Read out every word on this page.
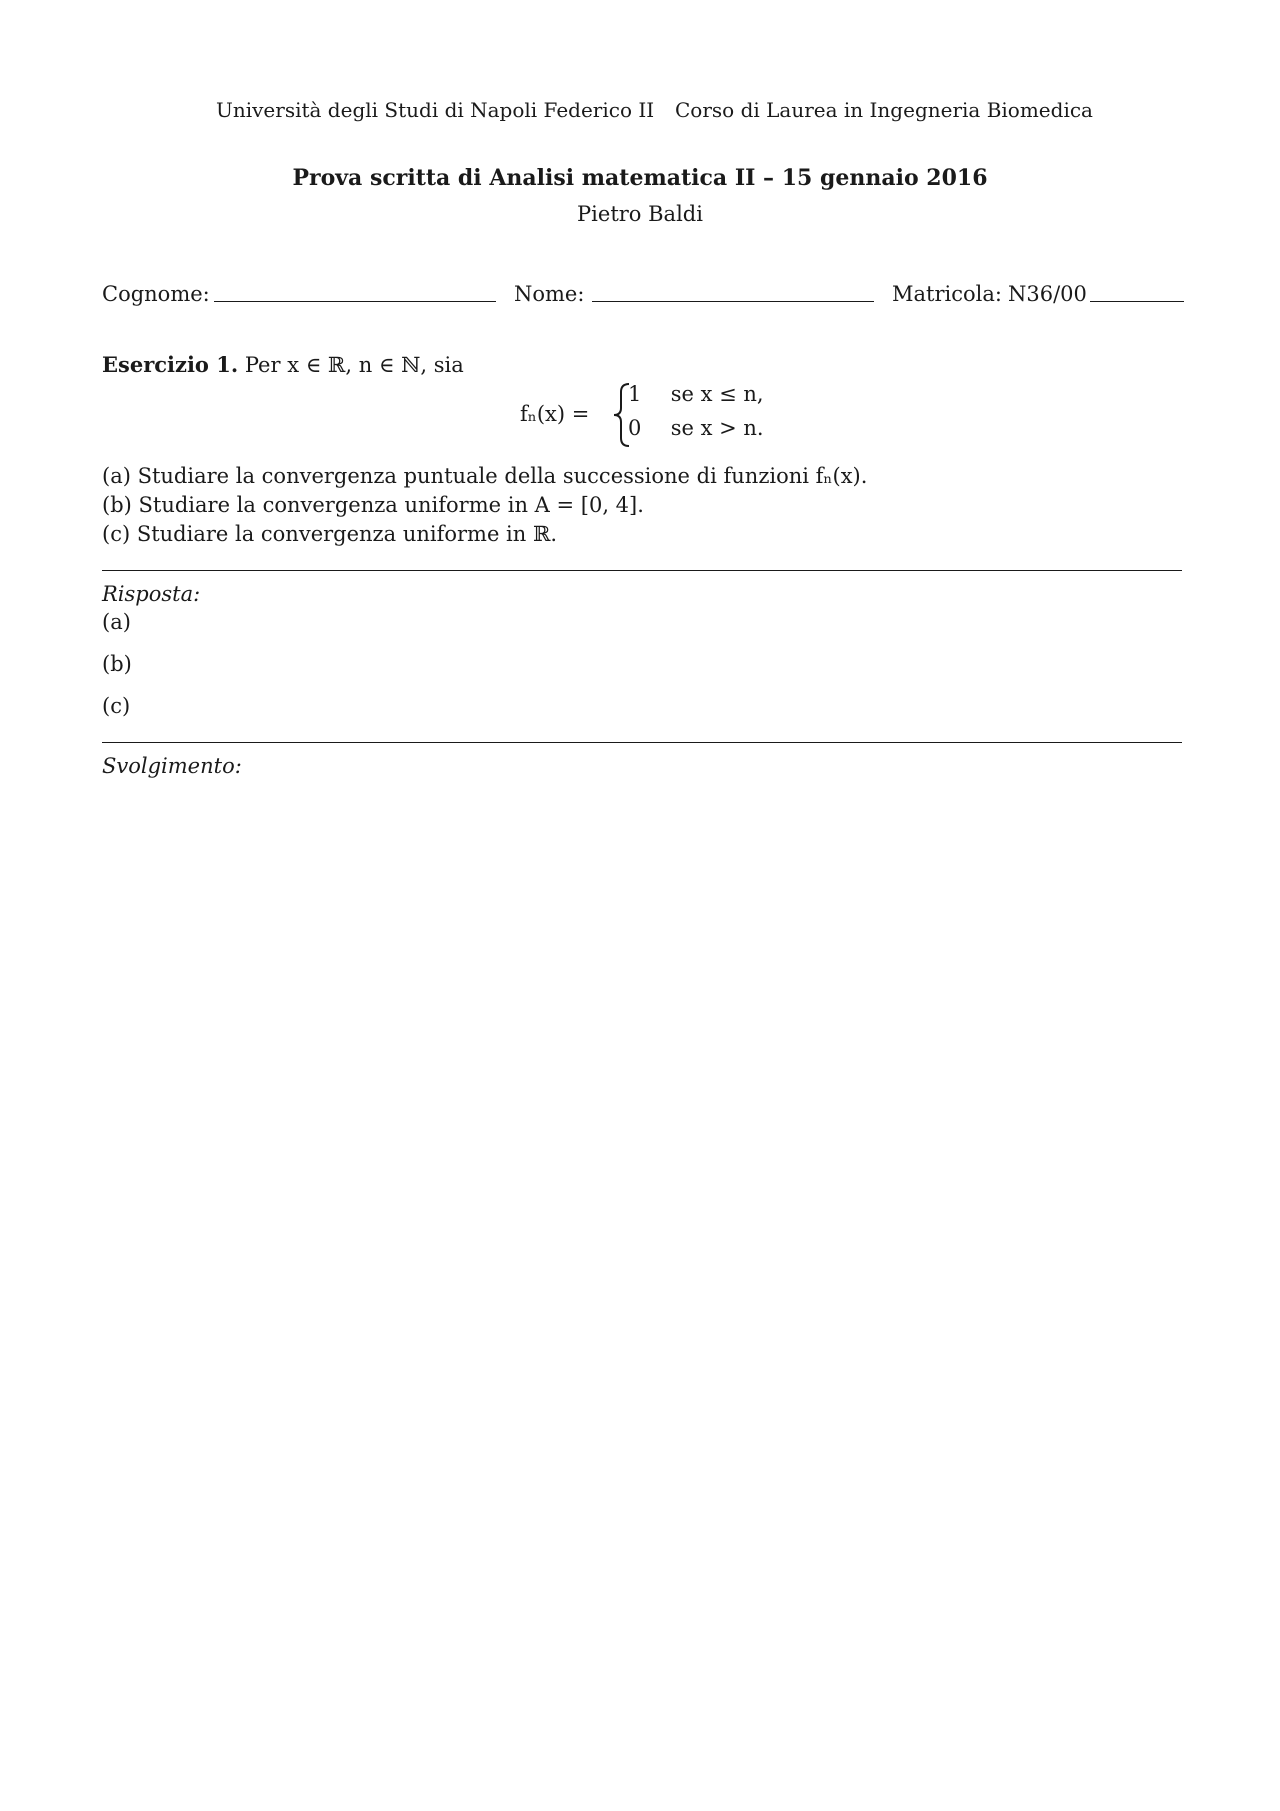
Università degli Studi di Napoli Federico II Corso di Laurea in Ingegneria Biomedica
Prova scritta di Analisi matematica II – 15 gennaio 2016
Pietro Baldi
Cognome:	Nome:	Matricola: N36/00
Esercizio 1. Per x ∈ ℝ, n ∈ ℕ, sia
fₙ(x) =
1 se x ≤ n,
0 se x > n.
(a) Studiare la convergenza puntuale della successione di funzioni fₙ(x).
(b) Studiare la convergenza uniforme in A = [0, 4].
(c) Studiare la convergenza uniforme in ℝ.
Risposta:
(a)
(b)
(c)
Svolgimento:
